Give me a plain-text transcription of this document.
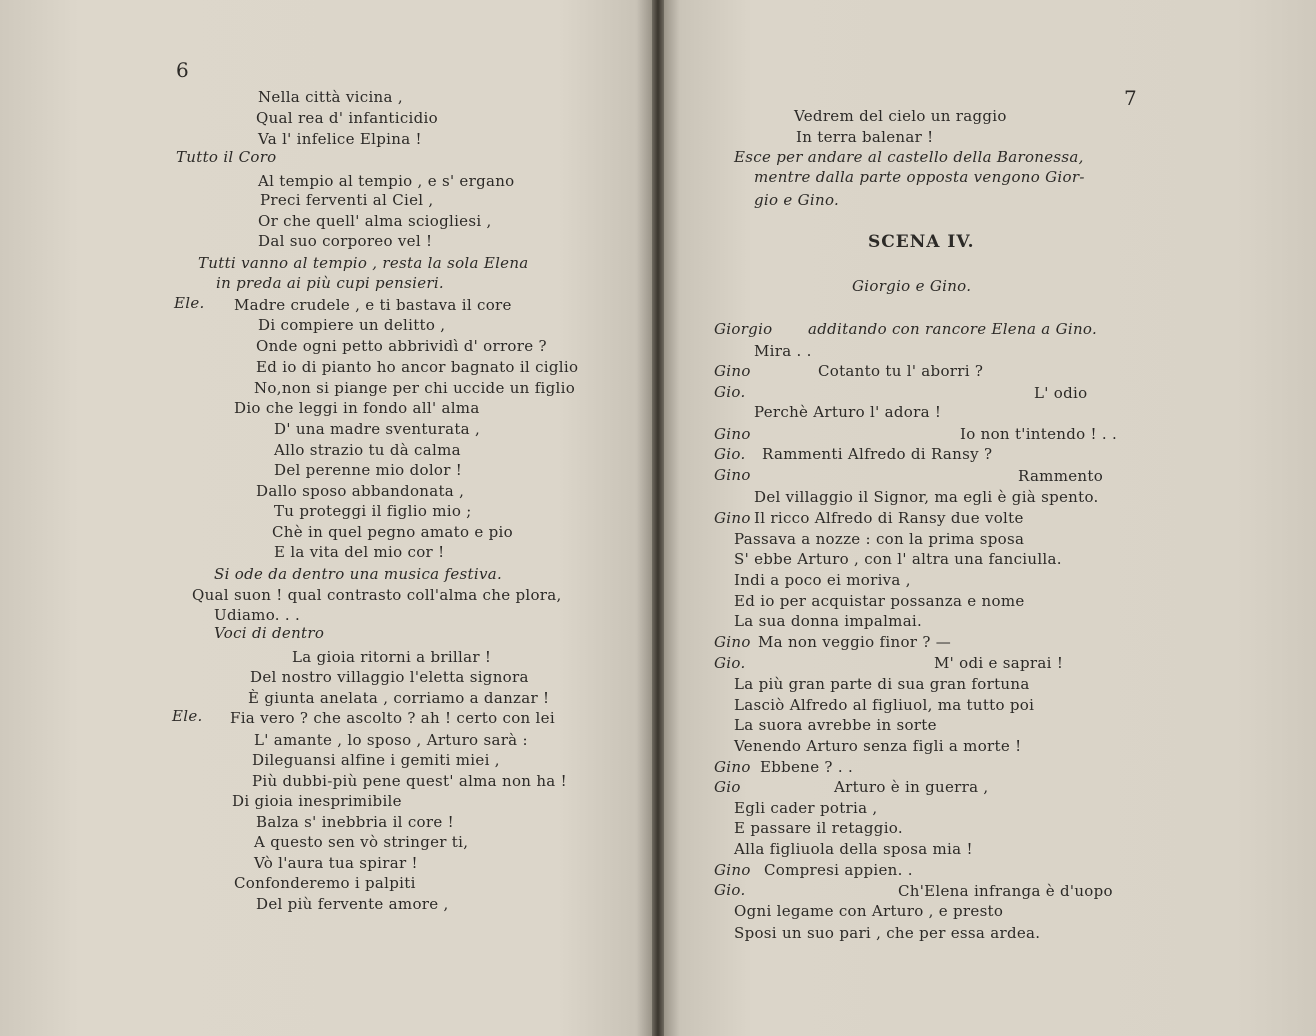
6
Nella città vicina ,
Qual rea d' infanticidio
Va l' infelice Elpina !
Tutto il Coro
Al tempio al tempio , e s' ergano
Preci ferventi al Ciel ,
Or che quell' alma sciogliesi ,
Dal suo corporeo vel !
Tutti vanno al tempio , resta la sola Elena
in preda ai più cupi pensieri.
Ele. Madre crudele , e ti bastava il core
Di compiere un delitto ,
Onde ogni petto abbrividì d' orrore ?
Ed io di pianto ho ancor bagnato il ciglio
No,non si piange per chi uccide un figlio
Dio che leggi in fondo all' alma
D' una madre sventurata ,
Allo strazio tu dà calma
Del perenne mio dolor !
Dallo sposo abbandonata ,
Tu proteggi il figlio mio ;
Chè in quel pegno amato e pio
E la vita del mio cor !
Si ode da dentro una musica festiva.
Qual suon ! qual contrasto coll'alma che plora,
Udiamo. . .
Voci di dentro
La gioia ritorni a brillar !
Del nostro villaggio l'eletta signora
È giunta anelata , corriamo a danzar !
Ele. Fia vero ? che ascolto ? ah ! certo con lei
L' amante , lo sposo , Arturo sarà :
Dileguansi alfine i gemiti miei ,
Più dubbi-più pene quest' alma non ha !
Di gioia inesprimibile
Balza s' inebbria il core !
A questo sen vò stringer ti,
Vò l'aura tua spirar !
Confonderemo i palpiti
Del più fervente amore ,
7
Vedrem del cielo un raggio
In terra balenar !
Esce per andare al castello della Baronessa,
mentre dalla parte opposta vengono Gior-
gio e Gino.
SCENA IV.
Giorgio e Gino.
Giorgio additando con rancore Elena a Gino.
Mira . .
Gino	Cotanto tu l' aborri ?
Gio.	L' odio
Perchè Arturo l' adora !
Gino	Io non t'intendo ! . .
Gio. Rammenti Alfredo di Ransy ?
Gino	Rammento
Del villaggio il Signor, ma egli è già spento.
Gino Il ricco Alfredo di Ransy due volte
Passava a nozze : con la prima sposa
S' ebbe Arturo , con l' altra una fanciulla.
Indi a poco ei moriva ,
Ed io per acquistar possanza e nome
La sua donna impalmai.
Gino Ma non veggio finor ? —
Gio.	M' odi e saprai !
La più gran parte di sua gran fortuna
Lasciò Alfredo al figliuol, ma tutto poi
La suora avrebbe in sorte
Venendo Arturo senza figli a morte !
Gino Ebbene ? . .
Gio	Arturo è in guerra ,
Egli cader potria ,
E passare il retaggio.
Alla figliuola della sposa mia !
Gino Compresi appien. .
Gio.	Ch'Elena infranga è d'uopo
Ogni legame con Arturo , e presto
Sposi un suo pari , che per essa ardea.
